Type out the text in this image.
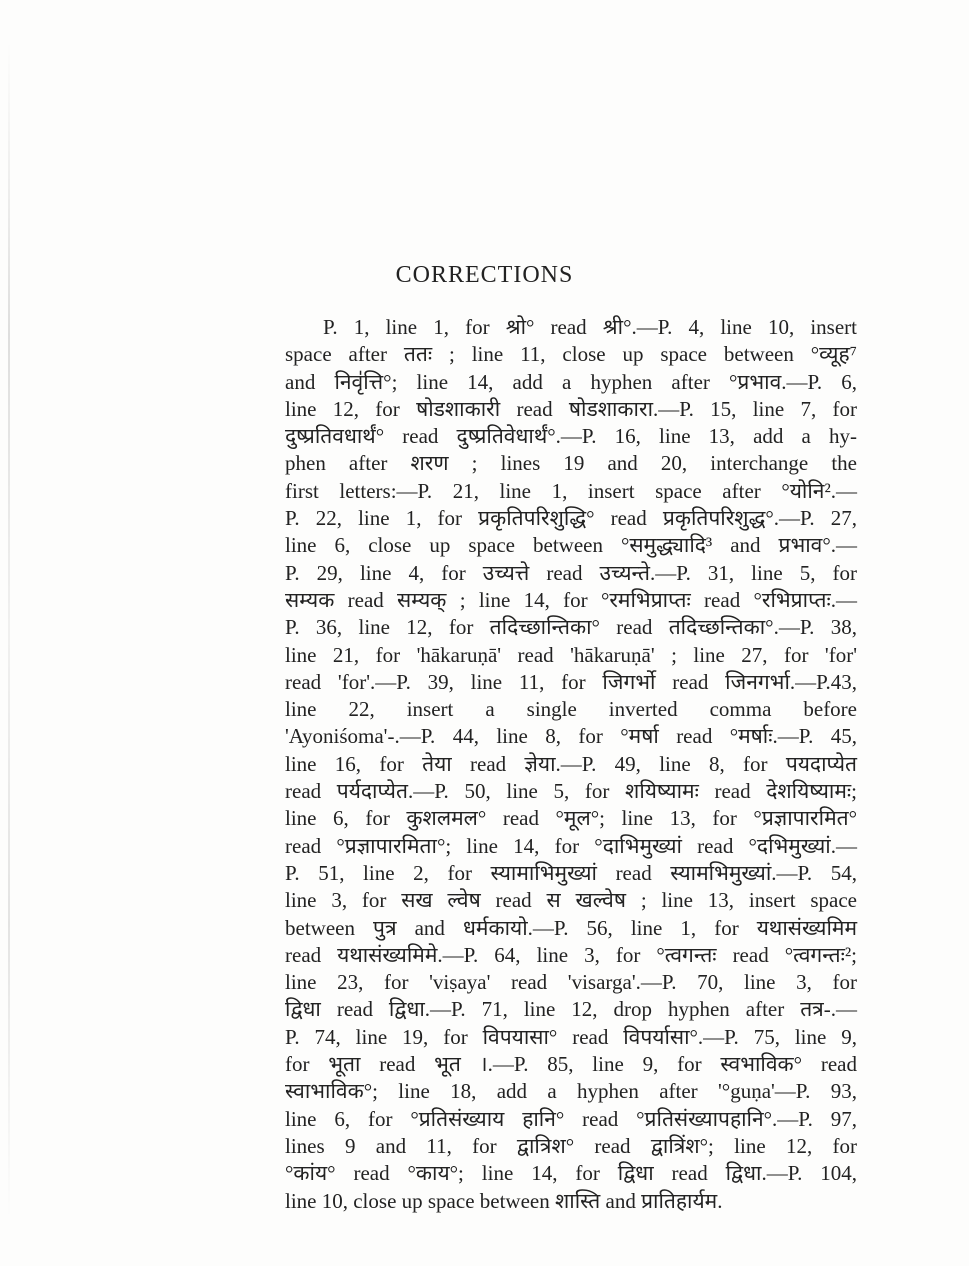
CORRECTIONS
P. 1, line 1, for श्रो° read श्री°.—P. 4, line 10, insert
space after ततः ; line 11, close up space between °व्यूह⁷
and निवृ॑त्ति°; line 14, add a hyphen after °प्रभाव.—P. 6,
line 12, for षोडशाकारी read षोडशाकारा.—P. 15, line 7, for
दुष्प्रतिवधार्थं° read दुष्प्रतिवेधार्थं°.—P. 16, line 13, add a hy-
phen after शरण ; lines 19 and 20, interchange the
first letters:—P. 21, line 1, insert space after °योनि².—
P. 22, line 1, for प्रकृतिपरिशुद्धि° read प्रकृतिपरिशुद्ध°.—P. 27,
line 6, close up space between °समुद्ध्यादि³ and प्रभाव°.—
P. 29, line 4, for उच्यत्ते read उच्यन्ते.—P. 31, line 5, for
सम्यक read सम्यक् ; line 14, for °रमभिप्राप्तः read °रभिप्राप्तः.—
P. 36, line 12, for तदिच्छान्तिका° read तदिच्छन्तिका°.—P. 38,
line 21, for 'hākaruṇā' read 'hākaruṇā' ; line 27, for 'for'
read 'for'.—P. 39, line 11, for जिगर्भो read जिनगर्भा.—P.43,
line 22, insert a single inverted comma before
'Ayoniśoma'-.—P. 44, line 8, for °मर्षा read °मर्षाः.—P. 45,
line 16, for तेया read ज्ञेया.—P. 49, line 8, for पयदाप्येत
read पर्यदाप्येत.—P. 50, line 5, for शयिष्यामः read देशयिष्यामः;
line 6, for कुशलमल° read °मूल°; line 13, for °प्रज्ञापारमित°
read °प्रज्ञापारमिता°; line 14, for °दाभिमुख्यां read °दभिमुख्यां.—
P. 51, line 2, for स्यामाभिमुख्यां read स्यामभिमुख्यां.—P. 54,
line 3, for सख ल्वेष read स खल्वेष ; line 13, insert space
between पुत्र and धर्मकायो.—P. 56, line 1, for यथासंख्यमिम
read यथासंख्यमिमे.—P. 64, line 3, for °त्वगन्तः read °त्वगन्तः²;
line 23, for 'viṣaya' read 'visarga'.—P. 70, line 3, for
द्विधा read द्विधा.—P. 71, line 12, drop hyphen after तत्र-.—
P. 74, line 19, for विपयासा° read विपर्यासा°.—P. 75, line 9,
for भूता read भूत ।.—P. 85, line 9, for स्वभाविक° read
स्वाभाविक°; line 18, add a hyphen after '°guṇa'—P. 93,
line 6, for °प्रतिसंख्याय हानि° read °प्रतिसंख्यापहानि°.—P. 97,
lines 9 and 11, for द्वात्रिश° read द्वात्रिंश°; line 12, for
°कांय° read °काय°; line 14, for द्विधा read द्विधा.—P. 104,
line 10, close up space between शास्ति and प्रातिहार्यम.
